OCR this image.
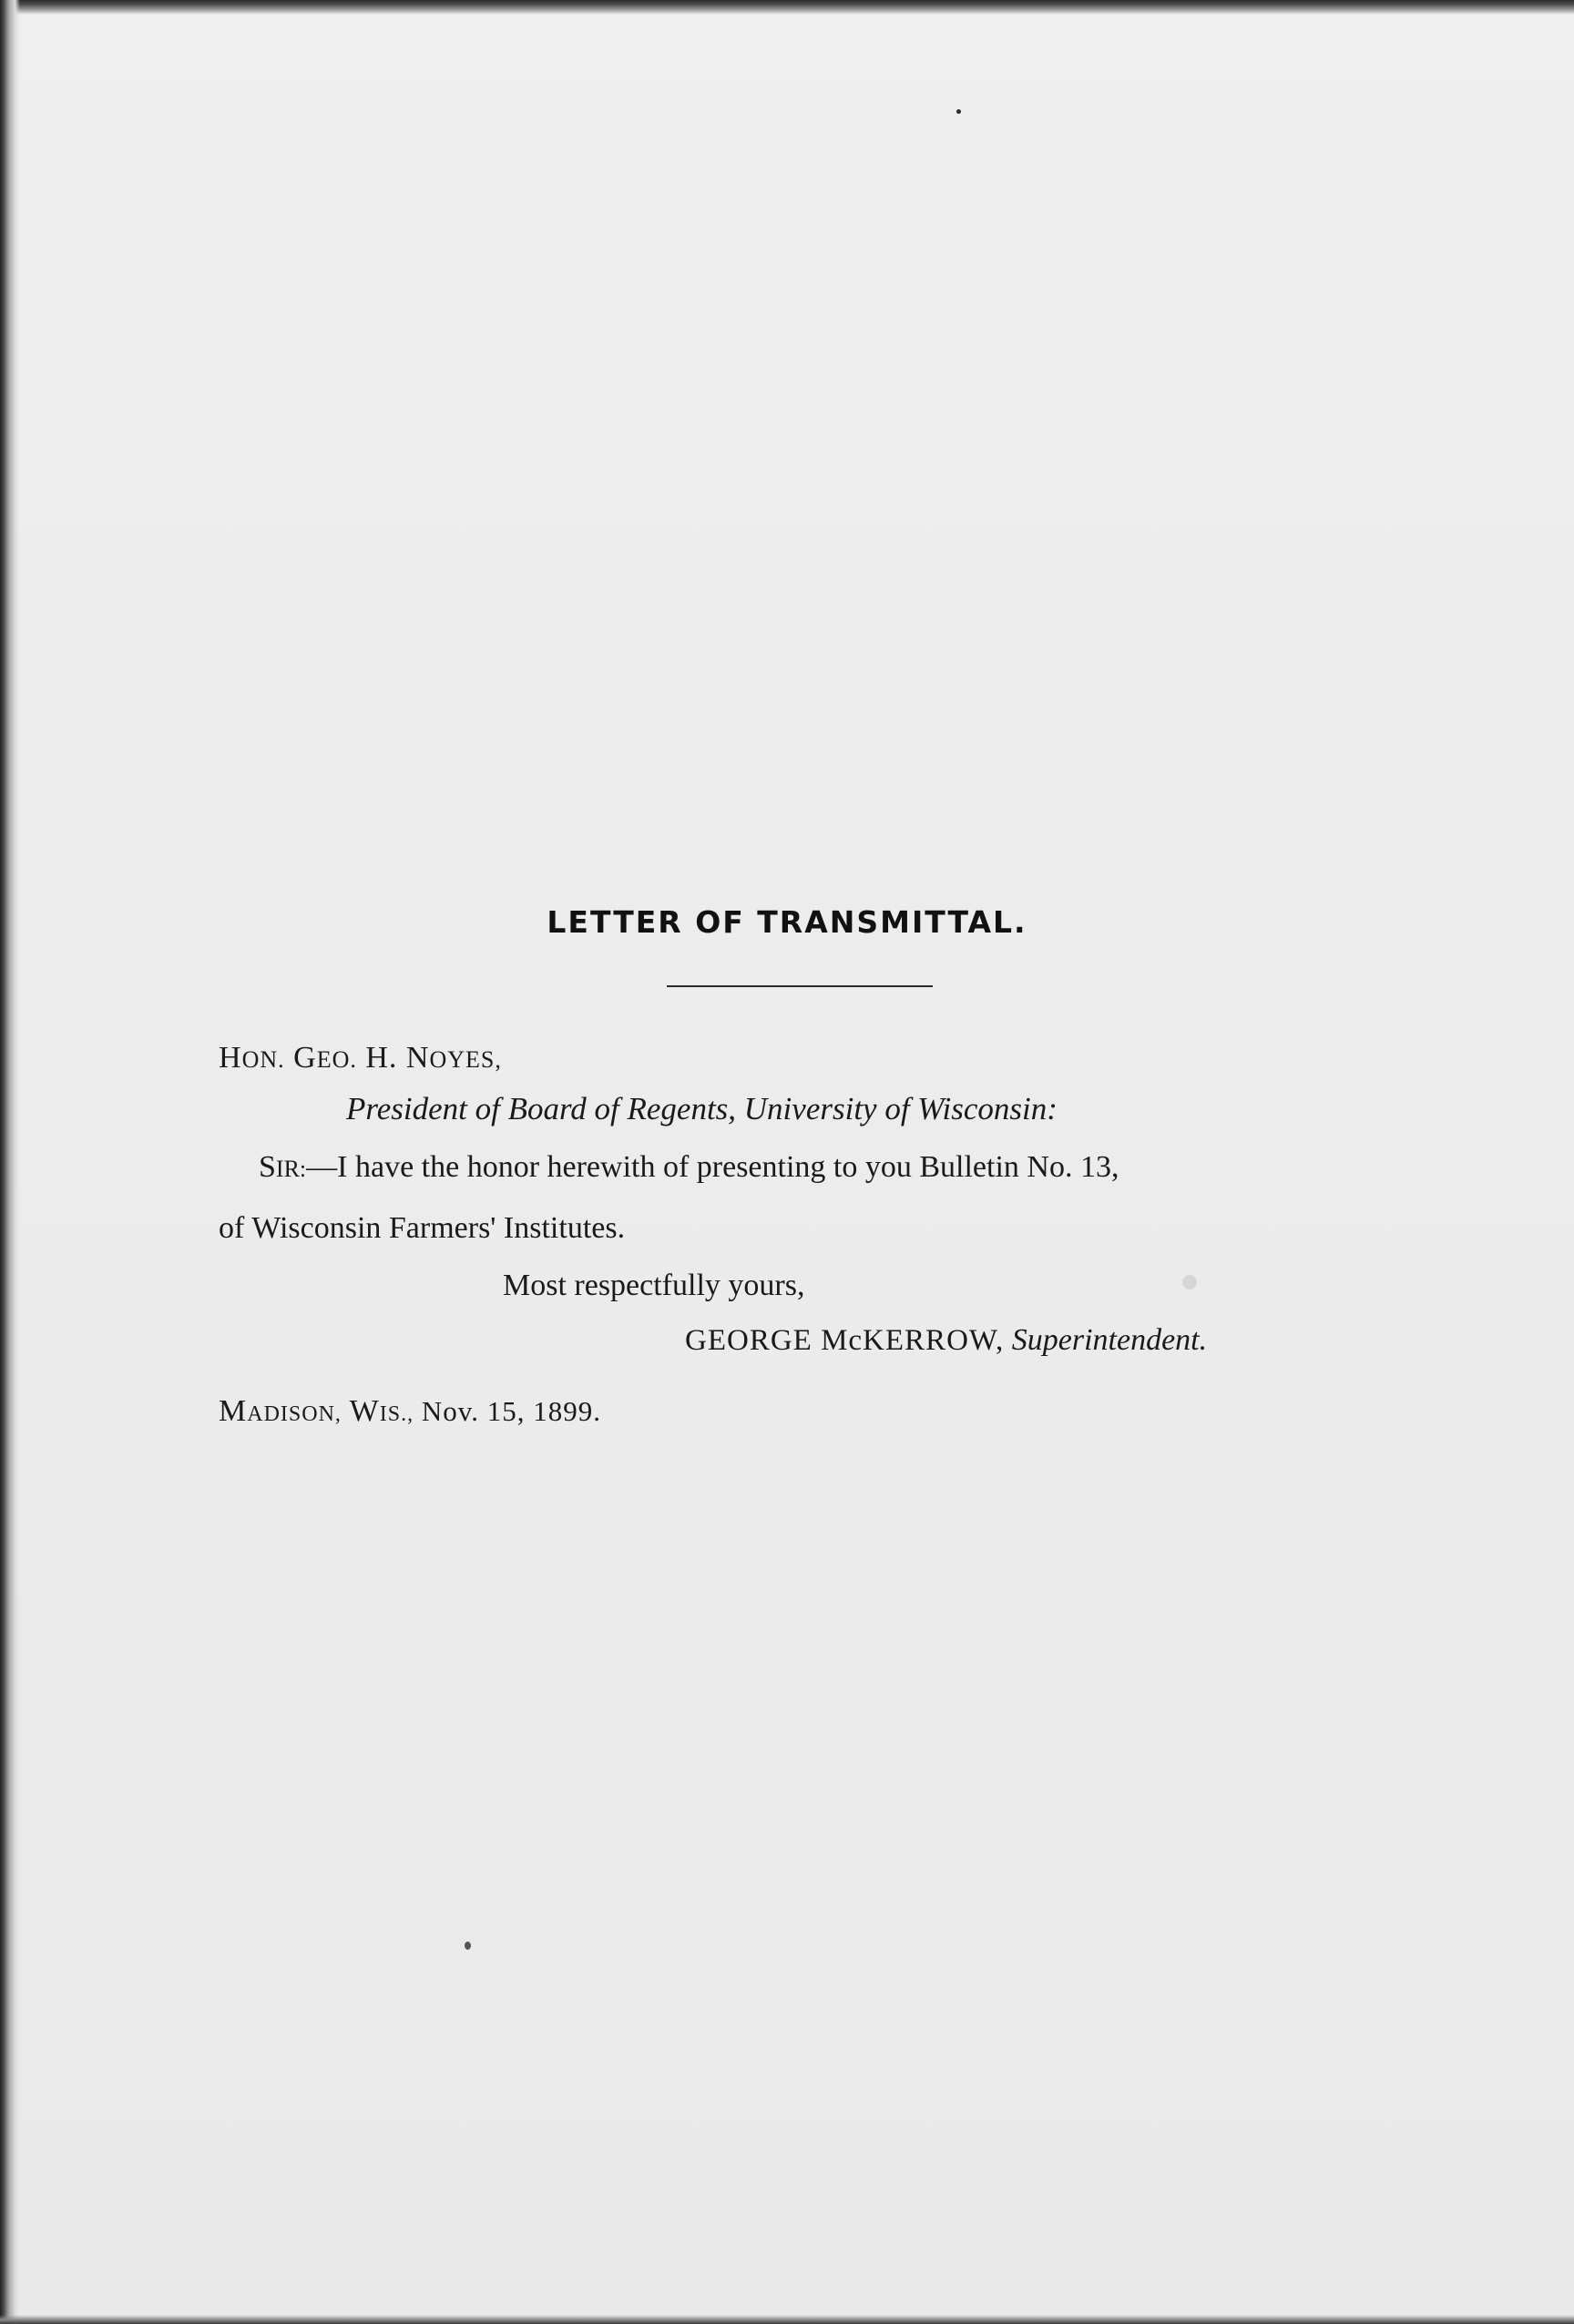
LETTER OF TRANSMITTAL.
HON. GEO. H. NOYES,
President of Board of Regents, University of Wisconsin:
SIR:—I have the honor herewith of presenting to you Bulletin No. 13,
of Wisconsin Farmers' Institutes.
Most respectfully yours,
GEORGE McKERROW, Superintendent.
MADISON, WIS., Nov. 15, 1899.
